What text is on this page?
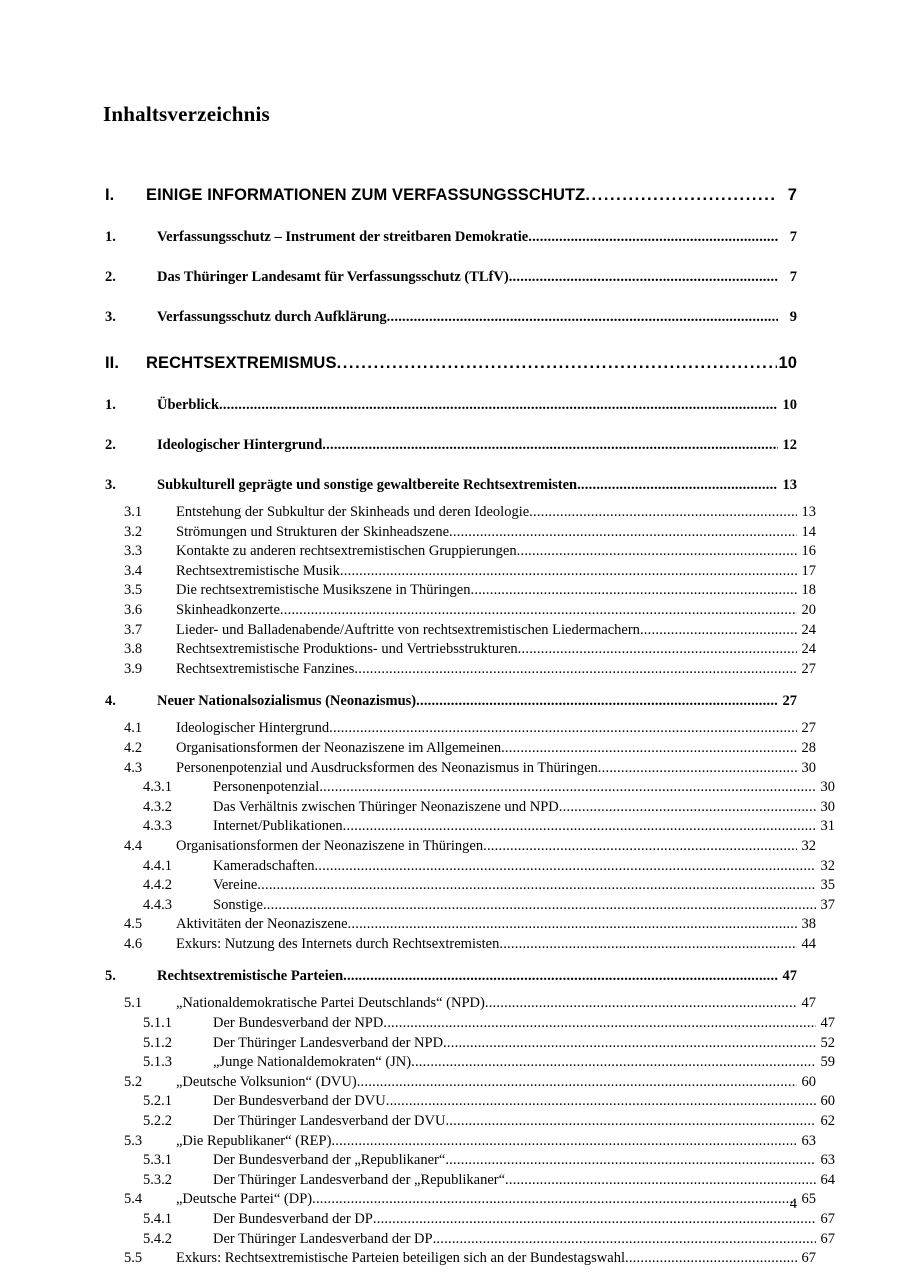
Inhaltsverzeichnis
I.	EINIGE INFORMATIONEN ZUM VERFASSUNGSSCHUTZ . . .	7
1.	Verfassungsschutz – Instrument der streitbaren Demokratie . . .	7
2.	Das Thüringer Landesamt für Verfassungsschutz (TLfV) . . .	7
3.	Verfassungsschutz durch Aufklärung . . .	9
II.	RECHTSEXTREMISMUS . . .	10
1.	Überblick . . .	10
2.	Ideologischer Hintergrund . . .	12
3.	Subkulturell geprägte und sonstige gewaltbereite Rechtsextremisten . . .	13
3.1	Entstehung der Subkultur der Skinheads und deren Ideologie . . .	13
3.2	Strömungen und Strukturen der Skinheadszene . . .	14
3.3	Kontakte zu anderen rechtsextremistischen Gruppierungen . . .	16
3.4	Rechtsextremistische Musik . . .	17
3.5	Die rechtsextremistische Musikszene in Thüringen . . .	18
3.6	Skinheadkonzerte . . .	20
3.7	Lieder- und Balladenabende/Auftritte von rechtsextremistischen Liedermachern . . .	24
3.8	Rechtsextremistische Produktions- und Vertriebsstrukturen . . .	24
3.9	Rechtsextremistische Fanzines . . .	27
4.	Neuer Nationalsozialismus (Neonazismus) . . .	27
4.1	Ideologischer Hintergrund . . .	27
4.2	Organisationsformen der Neonaziszene im Allgemeinen . . .	28
4.3	Personenpotenzial und Ausdrucksformen des Neonazismus in Thüringen . . .	30
4.3.1	Personenpotenzial . . .	30
4.3.2	Das Verhältnis zwischen Thüringer Neonaziszene und NPD . . .	30
4.3.3	Internet/Publikationen . . .	31
4.4	Organisationsformen der Neonaziszene in Thüringen . . .	32
4.4.1	Kameradschaften . . .	32
4.4.2	Vereine . . .	35
4.4.3	Sonstige . . .	37
4.5	Aktivitäten der Neonaziszene . . .	38
4.6	Exkurs: Nutzung des Internets durch Rechtsextremisten . . .	44
5.	Rechtsextremistische Parteien . . .	47
5.1	„Nationaldemokratische Partei Deutschlands“ (NPD) . . .	47
5.1.1	Der Bundesverband der NPD . . .	47
5.1.2	Der Thüringer Landesverband der NPD . . .	52
5.1.3	„Junge Nationaldemokraten“ (JN) . . .	59
5.2	„Deutsche Volksunion“ (DVU) . . .	60
5.2.1	Der Bundesverband der DVU . . .	60
5.2.2	Der Thüringer Landesverband der DVU . . .	62
5.3	„Die Republikaner“ (REP) . . .	63
5.3.1	Der Bundesverband der „Republikaner“ . . .	63
5.3.2	Der Thüringer Landesverband der „Republikaner“ . . .	64
5.4	„Deutsche Partei“ (DP) . . .	65
5.4.1	Der Bundesverband der DP . . .	67
5.4.2	Der Thüringer Landesverband der DP . . .	67
5.5	Exkurs: Rechtsextremistische Parteien beteiligen sich an der Bundestagswahl . . .	67
4
